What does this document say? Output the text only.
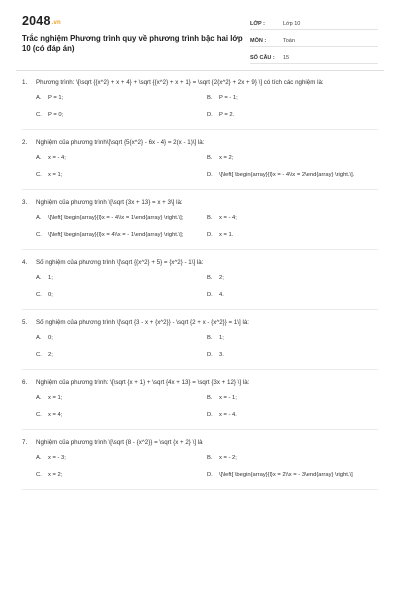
2048.vn
Trắc nghiệm Phương trình quy về phương trình bậc hai lớp 10 (có đáp án)
LỚP :	Lớp 10
MÔN :	Toán
SỐ CÂU :	15
1.	Phương trình: \[\sqrt {{x^2} + x + 4} + \sqrt {{x^2} + x + 1} = \sqrt {2{x^2} + 2x + 9} \] có tích các nghiệm là:
A.	P = 1;	B.	P = - 1;
C.	P = 0;	D.	P = 2.
2.	Nghiệm của phương trình\[\sqrt {5{x^2} - 6x - 4} = 2(x - 1)\] là:
A.	x = - 4;	B.	x = 2;
C.	x = 1;	D.	\[\left[ \begin{array}{l}x = - 4\\x = 2\end{array} \right.\].
3.	Nghiệm của phương trình \[\sqrt {3x + 13} = x + 3\] là:
A.	\[\left[ \begin{array}{l}x = - 4\\x = 1\end{array} \right.\];	B.	x = - 4;
C.	\[\left[ \begin{array}{l}x = 4\\x = - 1\end{array} \right.\];	D.	x = 1.
4.	Số nghiệm của phương trình \[\sqrt {{x^2} + 5} = {x^2} - 1\] là:
A.	1;	B.	2;
C.	0;	D.	4.
5.	Số nghiệm của phương trình \[\sqrt {3 - x + {x^2}} - \sqrt {2 + x - {x^2}} = 1\] là:
A.	0;	B.	1;
C.	2;	D.	3.
6.	Nghiệm của phương trình: \[\sqrt {x + 1} + \sqrt {4x + 13} = \sqrt {3x + 12} \] là:
A.	x = 1;	B.	x = - 1;
C.	x = 4;	D.	x = - 4.
7.	Nghiệm của phương trình \[\sqrt {8 - {x^2}} = \sqrt {x + 2} \] là
A.	x = - 3;	B.	x = - 2;
C.	x = 2;	D.	\[\left[ \begin{array}{l}x = 2\\x = - 3\end{array} \right.\]
